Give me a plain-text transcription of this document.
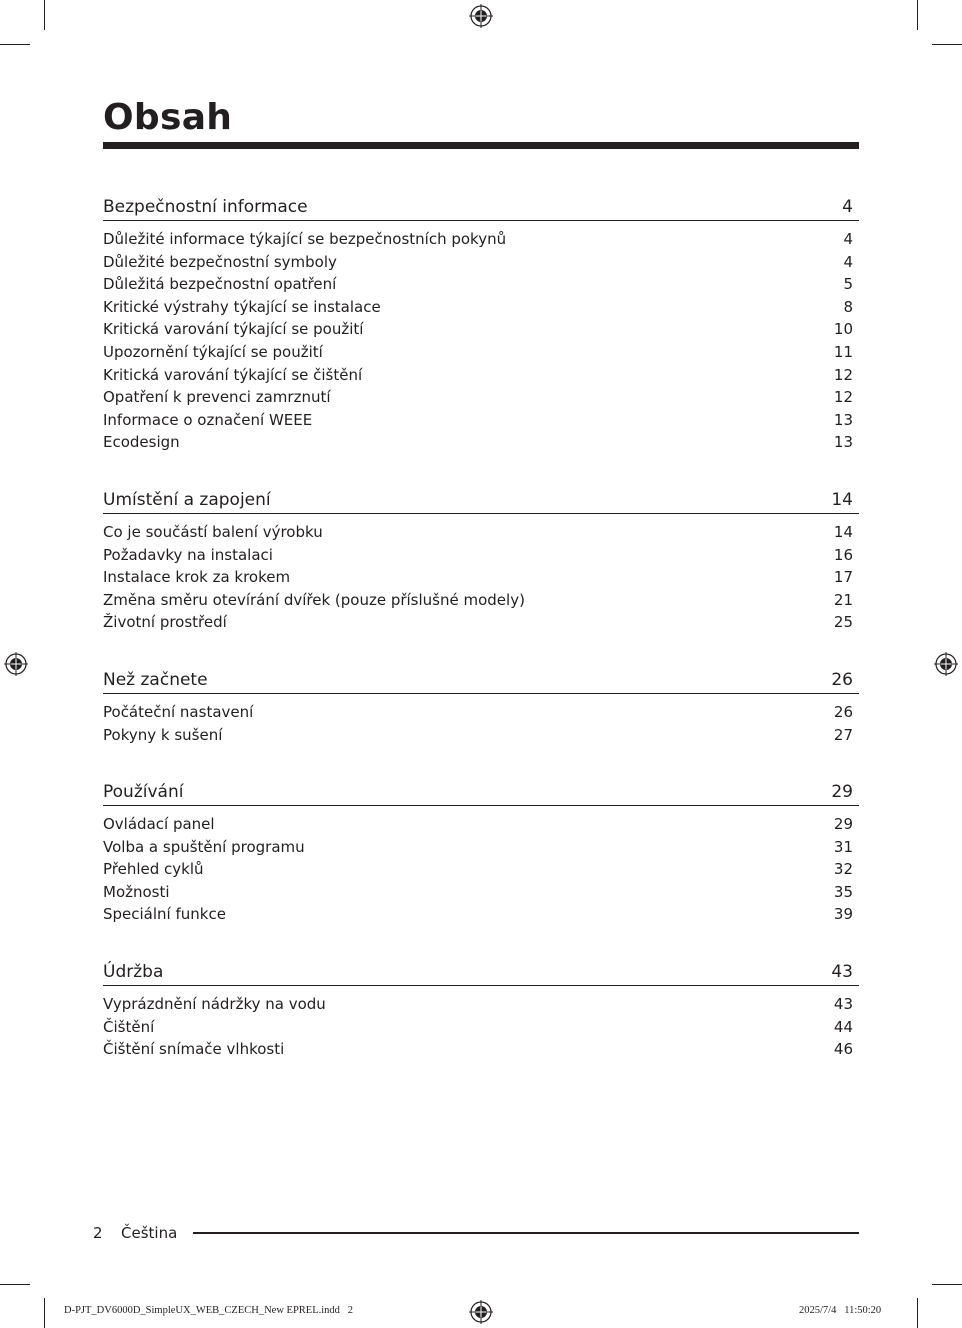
Obsah
Bezpečnostní informace	4
Důležité informace týkající se bezpečnostních pokynů	4
Důležité bezpečnostní symboly	4
Důležitá bezpečnostní opatření	5
Kritické výstrahy týkající se instalace	8
Kritická varování týkající se použití	10
Upozornění týkající se použití	11
Kritická varování týkající se čištění	12
Opatření k prevenci zamrznutí	12
Informace o označení WEEE	13
Ecodesign	13
Umístění a zapojení	14
Co je součástí balení výrobku	14
Požadavky na instalaci	16
Instalace krok za krokem	17
Změna směru otevírání dvířek (pouze příslušné modely)	21
Životní prostředí	25
Než začnete	26
Počáteční nastavení	26
Pokyny k sušení	27
Používání	29
Ovládací panel	29
Volba a spuštění programu	31
Přehled cyklů	32
Možnosti	35
Speciální funkce	39
Údržba	43
Vyprázdnění nádržky na vodu	43
Čištění	44
Čištění snímače vlhkosti	46
2 Čeština
D-PJT_DV6000D_SimpleUX_WEB_CZECH_New EPREL.indd   2	2025/7/4   11:50:20
